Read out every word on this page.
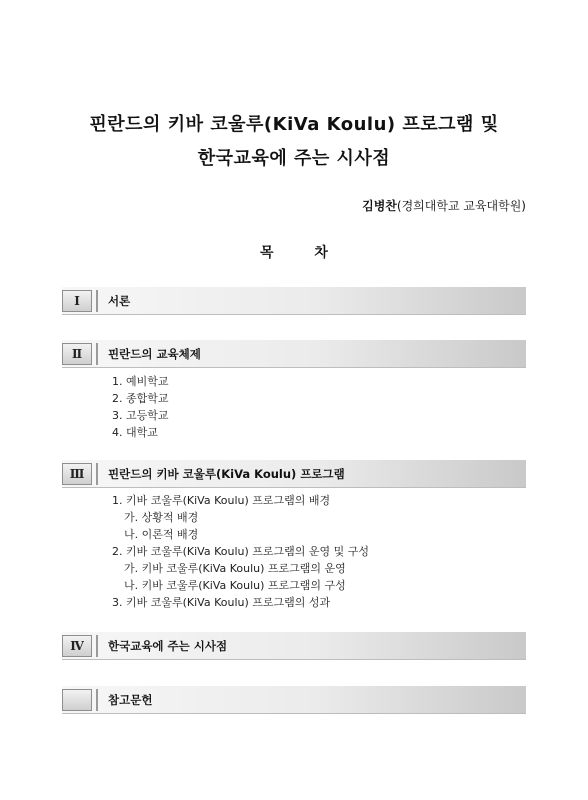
핀란드의 키바 코울루(KiVa Koulu) 프로그램 및
한국교육에 주는 시사점
김병찬(경희대학교 교육대학원)
목 차
Ⅰ	서론
Ⅱ	핀란드의 교육체제
1. 예비학교
2. 종합학교
3. 고등학교
4. 대학교
Ⅲ	핀란드의 키바 코울루(KiVa Koulu) 프로그램
1. 키바 코울루(KiVa Koulu) 프로그램의 배경
가. 상황적 배경
나. 이론적 배경
2. 키바 코울루(KiVa Koulu) 프로그램의 운영 및 구성
가. 키바 코울루(KiVa Koulu) 프로그램의 운영
나. 키바 코울루(KiVa Koulu) 프로그램의 구성
3. 키바 코울루(KiVa Koulu) 프로그램의 성과
Ⅳ	한국교육에 주는 시사점
참고문헌
